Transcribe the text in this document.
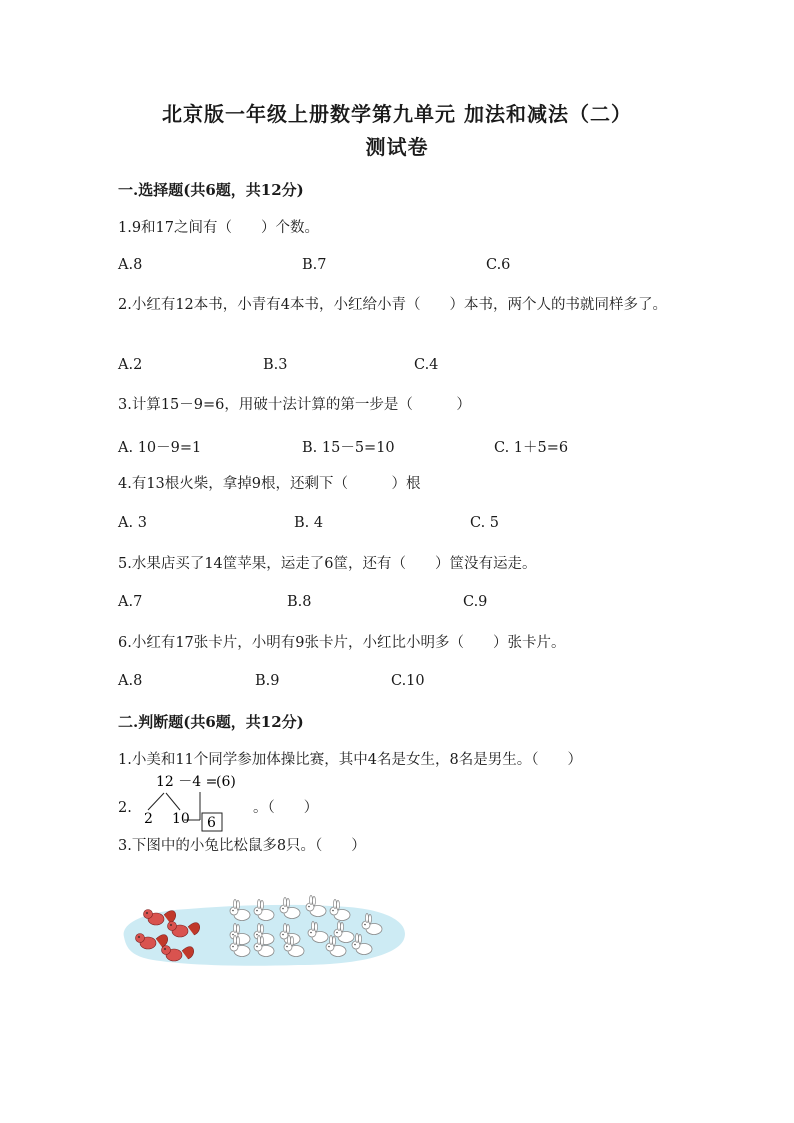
北京版一年级上册数学第九单元 加法和减法（二）
测试卷
一.选择题(共6题，共12分)
1.9和17之间有（　　）个数。
A.8	B.7	C.6
2.小红有12本书，小青有4本书，小红给小青（　　）本书，两个人的书就同样多了。
A.2	B.3	C.4
3.计算15－9=6，用破十法计算的第一步是（　　　）
A. 10－9=1	B. 15－5=10	C. 1＋5=6
4.有13根火柴，拿掉9根，还剩下（　　　）根
A. 3	B. 4	C. 5
5.水果店买了14筐苹果，运走了6筐，还有（　　）筐没有运走。
A.7	B.8	C.9
6.小红有17张卡片，小明有9张卡片，小红比小明多（　　）张卡片。
A.8	B.9	C.10
二.判断题(共6题，共12分)
1.小美和11个同学参加体操比赛，其中4名是女生，8名是男生。（　　）
2.
12 －4 =
(6)
2 10 6
。（　　）
3.下图中的小兔比松鼠多8只。（　　）
